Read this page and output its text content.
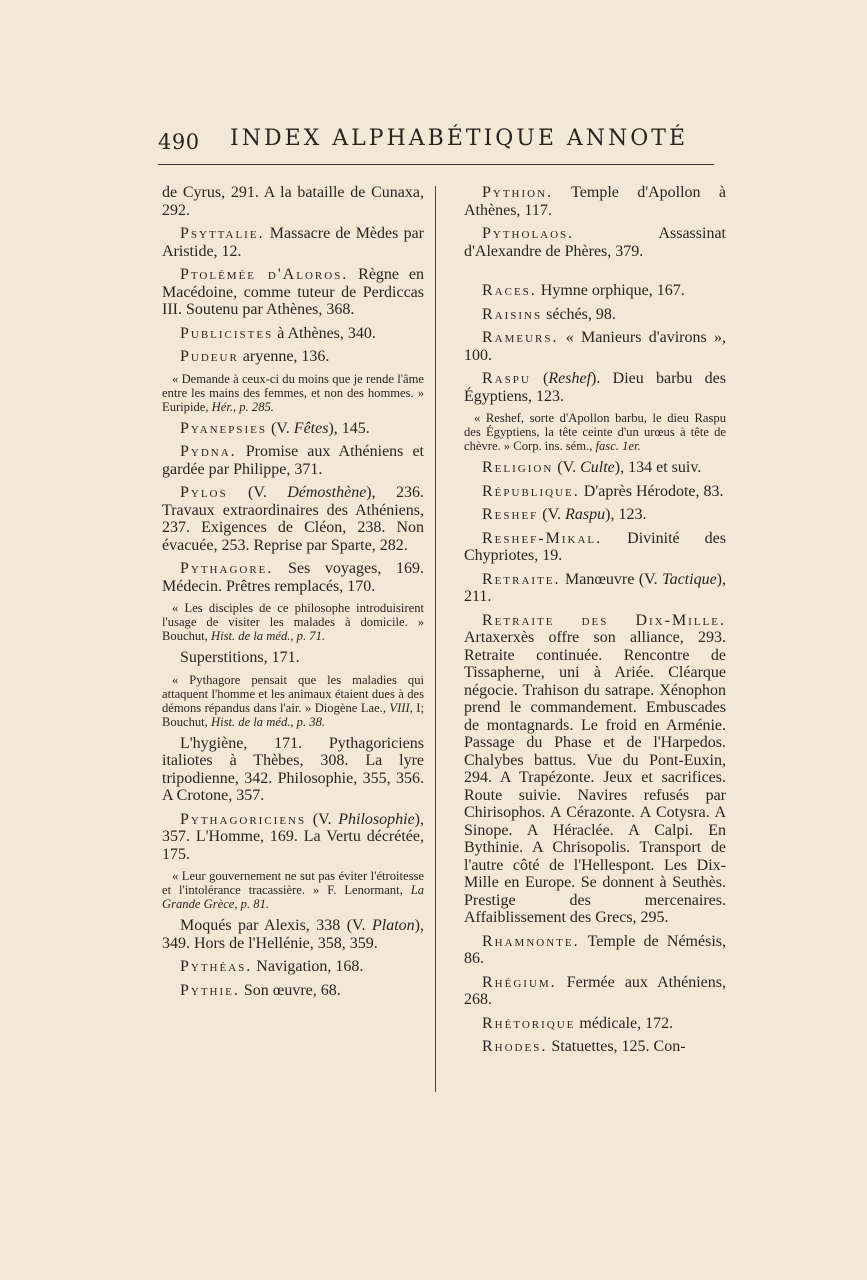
490 INDEX ALPHABÉTIQUE ANNOTÉ

de Cyrus, 291. A la bataille de Cunaxa, 292.

Psyttalie. Massacre de Mèdes par Aristide, 12.

Ptolémée d'Aloros. Règne en Macédoine, comme tuteur de Perdiccas III. Soutenu par Athènes, 368.

Publicistes à Athènes, 340.

Pudeur aryenne, 136.

« Demande à ceux-ci du moins que je rende l'âme entre les mains des femmes, et non des hommes. » Euripide, Hér., p. 285.

Pyanepsies (V. Fêtes), 145.

Pydna. Promise aux Athéniens et gardée par Philippe, 371.

Pylos (V. Démosthène), 236. Travaux extraordinaires des Athéniens, 237. Exigences de Cléon, 238. Non évacuée, 253. Reprise par Sparte, 282.

Pythagore. Ses voyages, 169. Médecin. Prêtres remplacés, 170.

« Les disciples de ce philosophe introduisirent l'usage de visiter les malades à domicile. » Bouchut, Hist. de la méd., p. 71.

Superstitions, 171.

« Pythagore pensait que les maladies qui attaquent l'homme et les animaux étaient dues à des démons répandus dans l'air. » Diogène Lae., VIII, I; Bouchut, Hist. de la méd., p. 38.

L'hygiène, 171. Pythagoriciens italiotes à Thèbes, 308. La lyre tripodienne, 342. Philosophie, 355, 356. A Crotone, 357.

Pythagoriciens (V. Philosophie), 357. L'Homme, 169. La Vertu décrétée, 175.

« Leur gouvernement ne sut pas éviter l'étroitesse et l'intolérance tracassière. » F. Lenormant, La Grande Grèce, p. 81.

Moqués par Alexis, 338 (V. Platon), 349. Hors de l'Hellénie, 358, 359.

Pythéas. Navigation, 168.

Pythie. Son œuvre, 68.

Pythion. Temple d'Apollon à Athènes, 117.

Pytholaos. Assassinat d'Alexandre de Phères, 379.

Races. Hymne orphique, 167.

Raisins séchés, 98.

Rameurs. « Manieurs d'avirons », 100.

Raspu (Reshef). Dieu barbu des Égyptiens, 123.

« Reshef, sorte d'Apollon barbu, le dieu Raspu des Égyptiens, la tête ceinte d'un urœus à tête de chèvre. » Corp. ins. sém., fasc. 1er.

Religion (V. Culte), 134 et suiv.

République. D'après Hérodote, 83.

Reshef (V. Raspu), 123.

Reshef-Mikal. Divinité des Chypriotes, 19.

Retraite. Manœuvre (V. Tactique), 211.

Retraite des Dix-Mille. Artaxerxès offre son alliance, 293. Retraite continuée. Rencontre de Tissapherne, uni à Ariée. Cléarque négocie. Trahison du satrape. Xénophon prend le commandement. Embuscades de montagnards. Le froid en Arménie. Passage du Phase et de l'Harpedos. Chalybes battus. Vue du Pont-Euxin, 294. A Trapézonte. Jeux et sacrifices. Route suivie. Navires refusés par Chirisophos. A Cérazonte. A Cotysra. A Sinope. A Héraclée. A Calpi. En Bythinie. A Chrisopolis. Transport de l'autre côté de l'Hellespont. Les Dix-Mille en Europe. Se donnent à Seuthès. Prestige des mercenaires. Affaiblissement des Grecs, 295.

Rhamnonte. Temple de Némésis, 86.

Rhégium. Fermée aux Athéniens, 268.

Rhétorique médicale, 172.

Rhodes. Statuettes, 125. Con-
